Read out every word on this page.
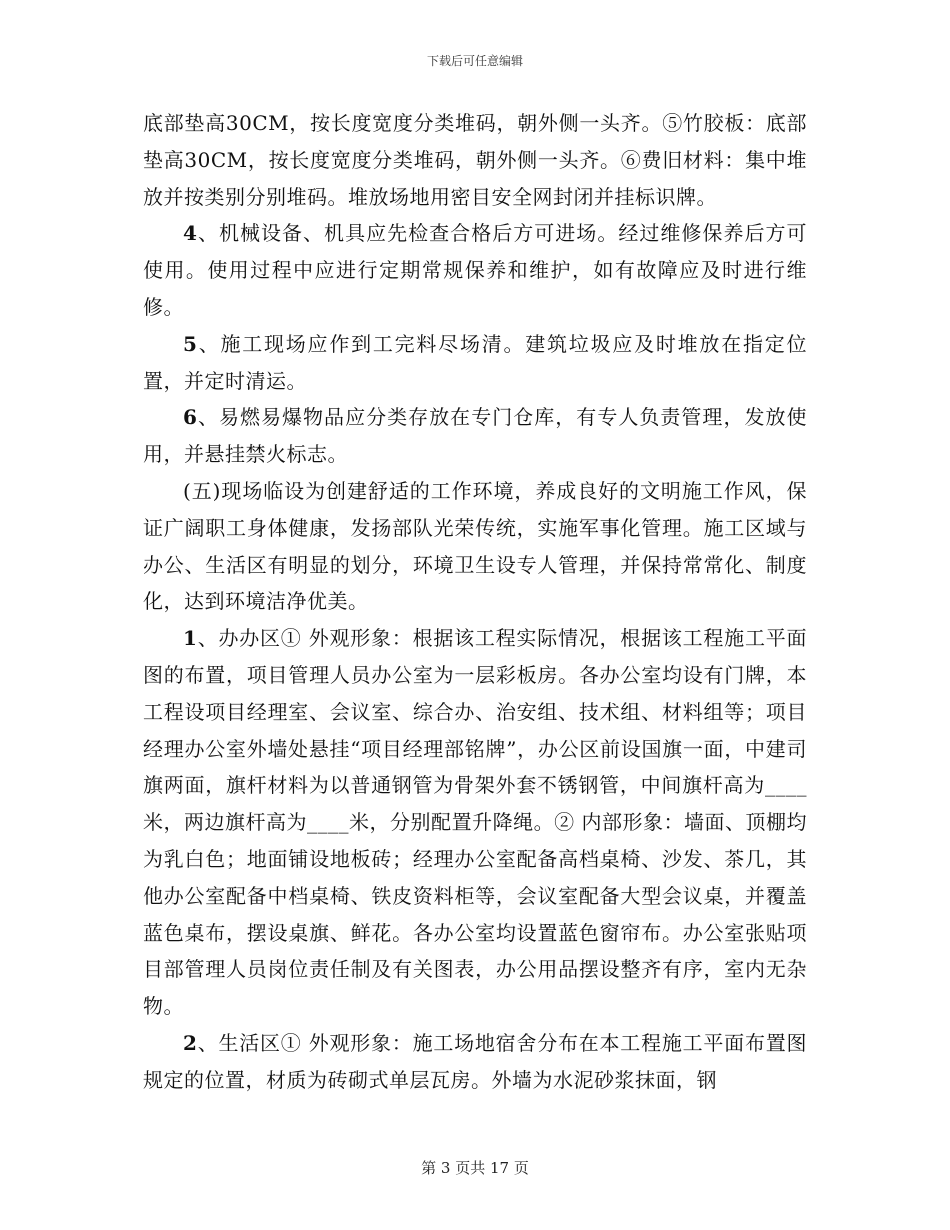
下载后可任意编辑

底部垫高30CM，按长度宽度分类堆码，朝外侧一头齐。⑤竹胶板：底部垫高30CM，按长度宽度分类堆码，朝外侧一头齐。⑥费旧材料：集中堆放并按类别分别堆码。堆放场地用密目安全网封闭并挂标识牌。

4、机械设备、机具应先检查合格后方可进场。经过维修保养后方可使用。使用过程中应进行定期常规保养和维护，如有故障应及时进行维修。

5、施工现场应作到工完料尽场清。建筑垃圾应及时堆放在指定位置，并定时清运。

6、易燃易爆物品应分类存放在专门仓库，有专人负责管理，发放使用，并悬挂禁火标志。

(五)现场临设为创建舒适的工作环境，养成良好的文明施工作风，保证广阔职工身体健康，发扬部队光荣传统，实施军事化管理。施工区域与办公、生活区有明显的划分，环境卫生设专人管理，并保持常常化、制度化，达到环境洁净优美。

1、办办区① 外观形象：根据该工程实际情况，根据该工程施工平面图的布置，项目管理人员办公室为一层彩板房。各办公室均设有门牌，本工程设项目经理室、会议室、综合办、治安组、技术组、材料组等；项目经理办公室外墙处悬挂“项目经理部铭牌”，办公区前设国旗一面，中建司旗两面，旗杆材料为以普通钢管为骨架外套不锈钢管，中间旗杆高为____米，两边旗杆高为____米，分别配置升降绳。② 内部形象：墙面、顶棚均为乳白色；地面铺设地板砖；经理办公室配备高档桌椅、沙发、茶几，其他办公室配备中档桌椅、铁皮资料柜等，会议室配备大型会议桌，并覆盖蓝色桌布，摆设桌旗、鲜花。各办公室均设置蓝色窗帘布。办公室张贴项目部管理人员岗位责任制及有关图表，办公用品摆设整齐有序，室内无杂物。

2、生活区① 外观形象：施工场地宿舍分布在本工程施工平面布置图规定的位置，材质为砖砌式单层瓦房。外墙为水泥砂浆抹面，钢

第 3 页共 17 页
